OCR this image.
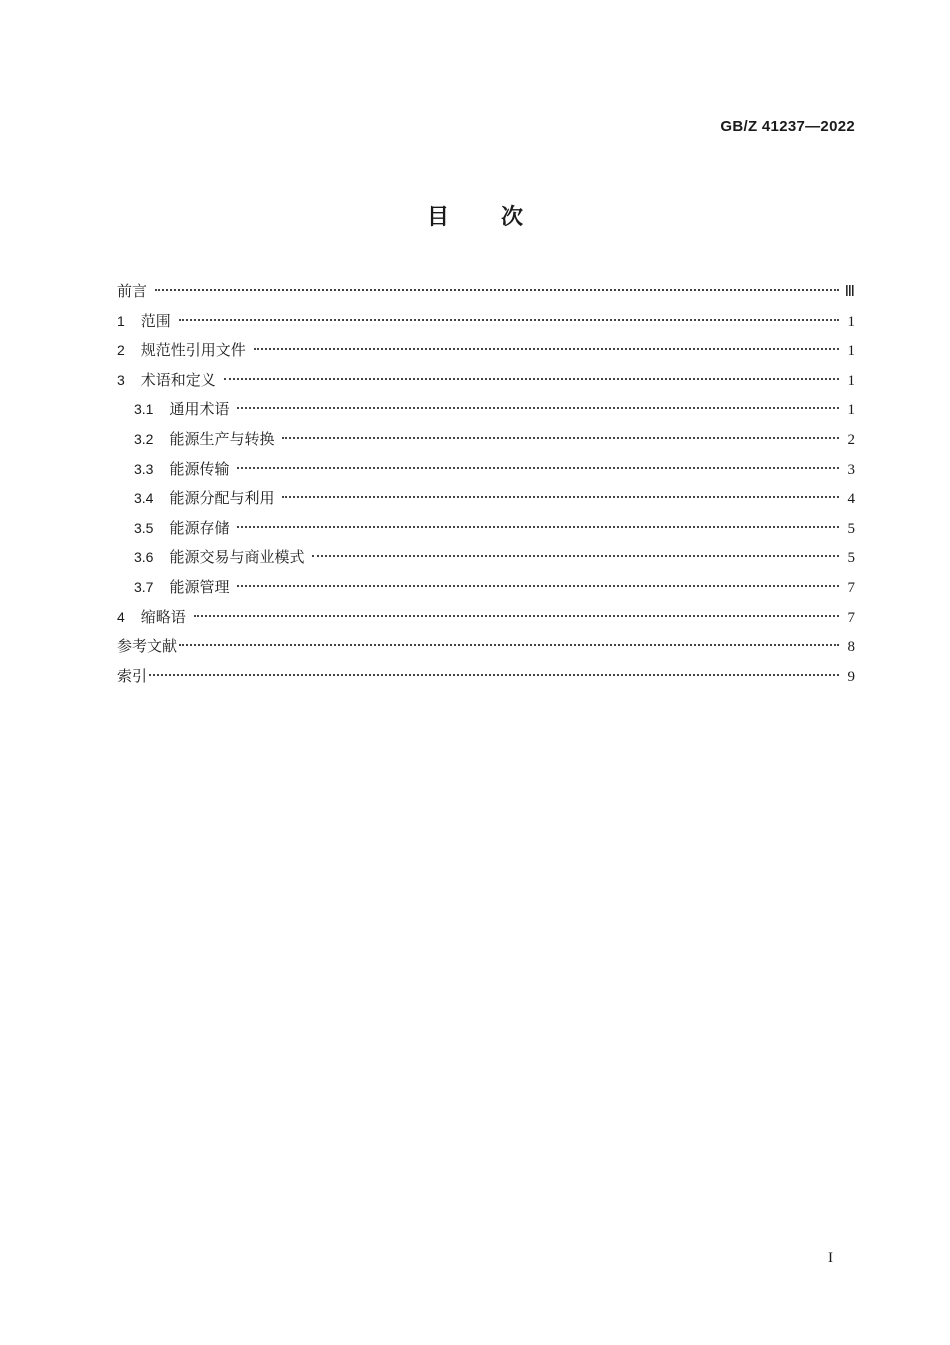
GB/Z 41237—2022
目次
前言	Ⅲ
1 范围	1
2 规范性引用文件	1
3 术语和定义	1
3.1 通用术语	1
3.2 能源生产与转换	2
3.3 能源传输	3
3.4 能源分配与利用	4
3.5 能源存储	5
3.6 能源交易与商业模式	5
3.7 能源管理	7
4 缩略语	7
参考文献	8
索引	9
I
